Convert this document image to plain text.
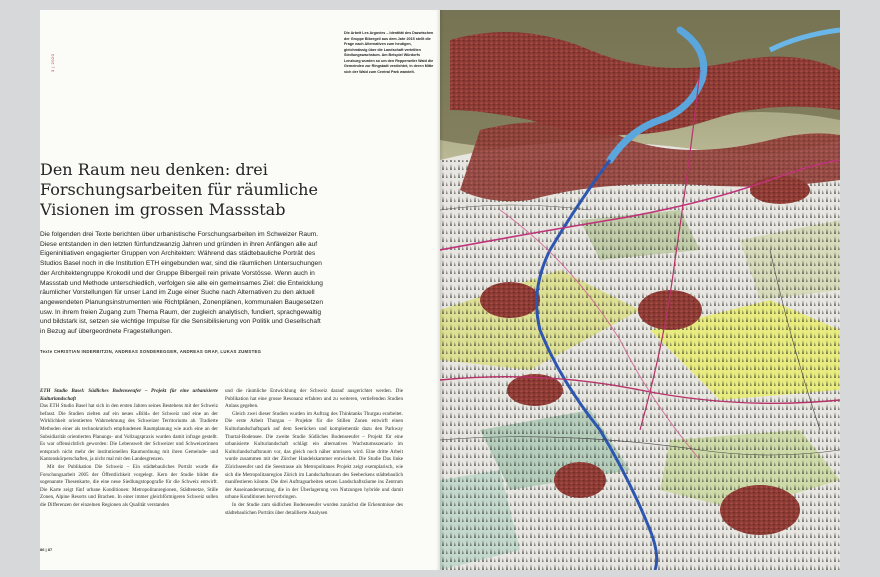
3 | 2020
Die Arbeit Les Argovies – Identität des Dazwischen der Gruppe Bibergeil aus dem Jahr 2015 stellt die Frage nach Alternativen zum heutigen, gleichmässig über die Landschaft verteilten Siedlungswachstum. Am Beispiel Würdorfs Lenzburg wurden so um den Reppenwiler Wald die Gemeinden zur Ringstadt verdichtet, in deren Mitte sich der Wald zum Central Park wandelt.
Den Raum neu denken: drei Forschungsarbeiten für räumliche Visionen im grossen Massstab

Die folgenden drei Texte berichten über urbanistische Forschungsarbeiten im Schweizer Raum. Diese entstanden in den letzten fünfundzwanzig Jahren und gründen in ihren Anfängen alle auf Eigeninitiativen engagierter Gruppen von Architekten: Während das städtebauliche Porträt des Studios Basel noch in die Institution ETH eingebunden war, sind die räumlichen Untersuchungen der Architektengruppe Krokodil und der Gruppe Bibergeil rein private Vorstösse. Wenn auch in Massstab und Methode unterschiedlich, verfolgen sie alle ein gemeinsames Ziel: die Entwicklung räumlicher Vorstellungen für unser Land im Zuge einer Suche nach Alternativen zu den aktuell angewendeten Planungsinstrumenten wie Richtplänen, Zonenplänen, kommunalen Baugesetzen usw. In ihrem freien Zugang zum Thema Raum, der zugleich analytisch, fundiert, sprachgewaltig und bildstark ist, setzen sie wichtige Impulse für die Sensibilisierung von Politik und Gesellschaft in Bezug auf übergeordnete Fragestellungen.

Texte CHRISTIAN INDERBITZIN, ANDREAS SONDEREGGER, ANDREAS GRAF, LUKAS ZUMSTEG

ETH Studio Basel: Südliches Bodenseeufer – Projekt für eine urbanisierte Kulturlandschaft

Das ETH Studio Basel hat sich in den ersten Jahren seines Bestehens mit der Schweiz befasst. Die Studien zielten auf ein neues «Bild» der Schweiz und eine an der Wirklichkeit orientierten Wahrnehmung des Schweizer Territoriums ab. Tradierte Methoden einer als technokratisch empfundenen Raumplanung wie auch eine an der Subsidiarität orientierten Planungs- und Vollzugspraxis wurden damit infrage gestellt. Es war offensichtlich geworden: Die Lebenswelt der Schweizer und Schweizerinnen entsprach nicht mehr der institutionellen Raumordnung mit ihren Gemeinde- und Kantonskörperschaften, ja nicht mal mit den Landesgrenzen.

Mit der Publikation Die Schweiz – Ein städtebauliches Porträt wurde die Forschungsarbeit 2005 der Öffentlichkeit vorgelegt. Kern der Studie bildet die sogenannte Thesenkarte, die eine neue Siedlungstopografie für die Schweiz entwirft. Die Karte zeigt fünf urbane Konditionen: Metropolitanregionen, Städtenetze, Stille Zonen, Alpine Resorts und Brachen. In einer immer gleichförmigeren Schweiz sollen die Differenzen der einzelnen Regionen als Qualität verstanden

und die räumliche Entwicklung der Schweiz darauf ausgerichtet werden. Die Publikation hat eine grosse Resonanz erfahren und zu weiteren, vertiefenden Studien Anlass gegeben.

Gleich zwei dieser Studien wurden im Auftrag des Thinktanks Thurgau erarbeitet. Die erste Arbeit Thurgau – Projekte für die Stillen Zonen entwirft einen Kulturlandschaftspark auf dem Seerücken und komplementär dazu den Parkway Thurtal-Bodensee. Die zweite Studie Südliches Bodenseeufer – Projekt für eine urbanisierte Kulturlandschaft schlägt ein alternatives Wachstumsszenario im Kulturlandschaftsraum vor, das gleich noch näher umrissen wird. Eine dritte Arbeit wurde zusammen mit der Zürcher Handelskammer entwickelt. Die Studie Das linke Zürichseeufer und die Seestrasse als Metropolitanes Projekt zeigt exemplarisch, wie sich die Metropolitanregion Zürich im Landschaftsraum des Seebeckens städtebaulich manifestieren könnte. Die drei Auftragsarbeiten setzen Landschaftsräume ins Zentrum der Auseinandersetzung, die in der Überlagerung von Nutzungen hybride und damit urbane Konditionen hervorbringen.

In der Studie zum südlichen Bodenseeufer wurden zunächst die Erkenntnisse des städtebaulichen Porträts über detaillierte Analysen

86 | 87
